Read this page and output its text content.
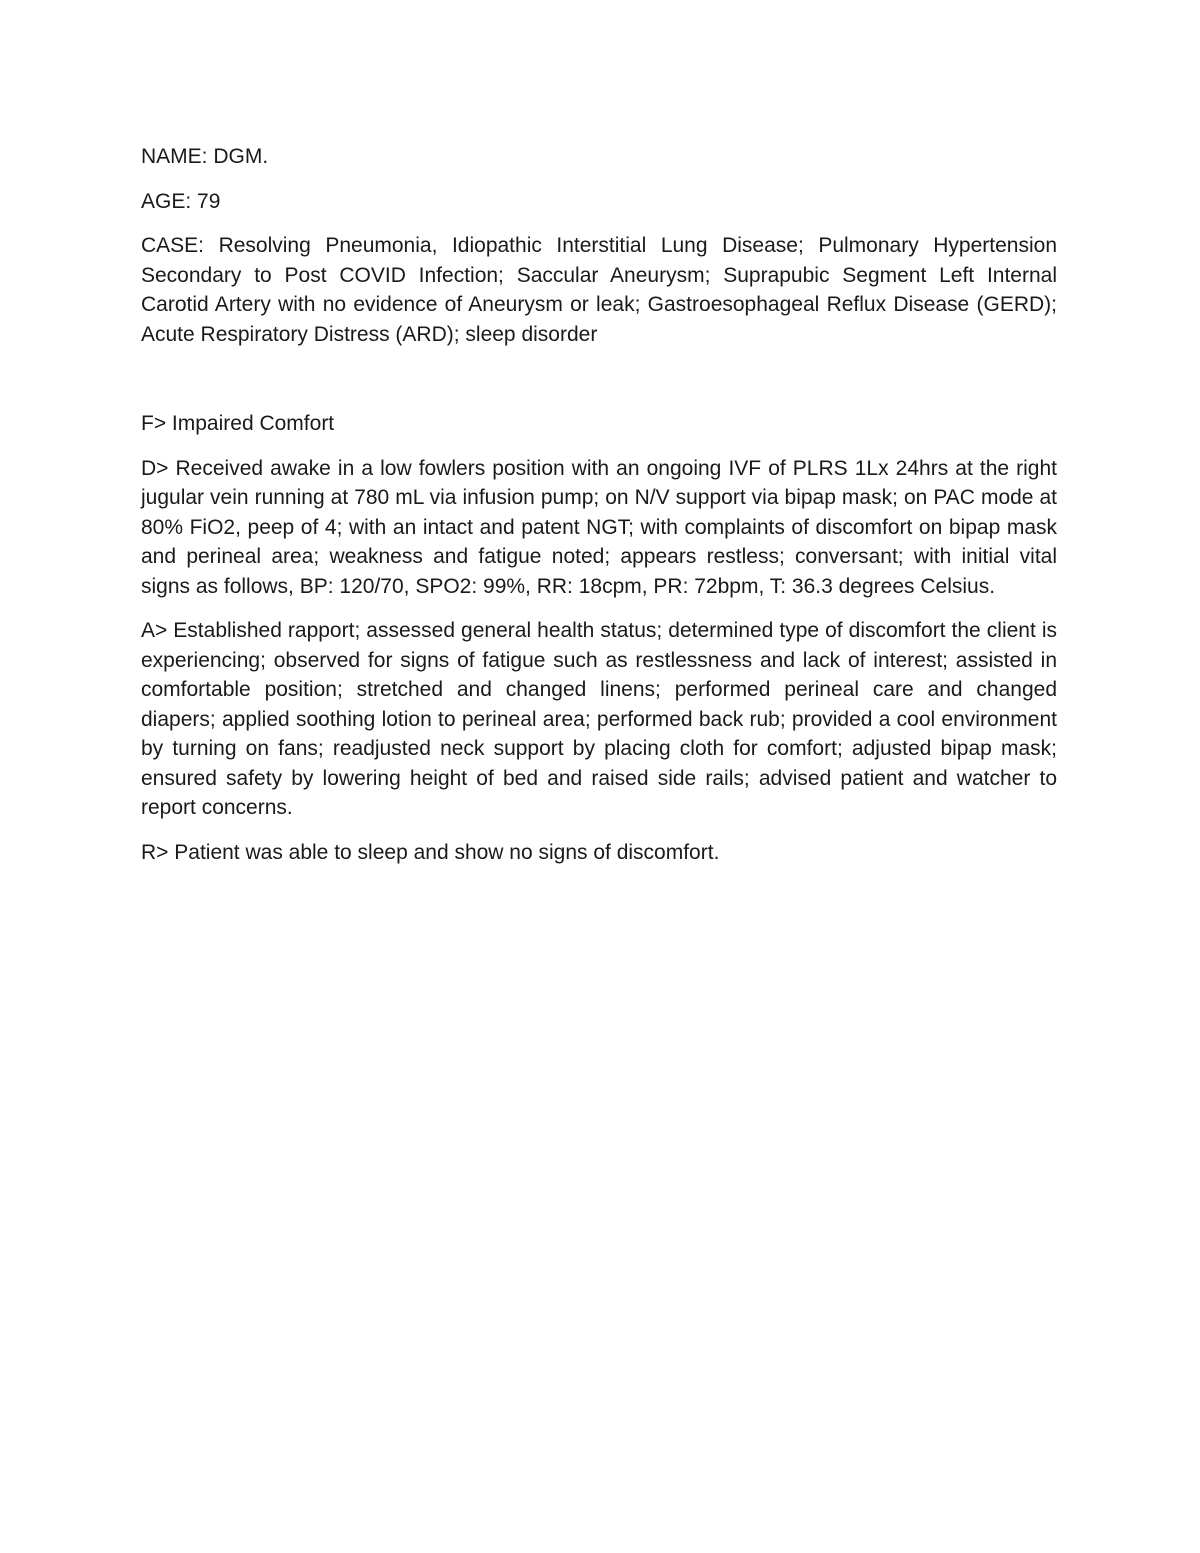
NAME: DGM.

AGE: 79

CASE: Resolving Pneumonia, Idiopathic Interstitial Lung Disease; Pulmonary Hypertension Secondary to Post COVID Infection; Saccular Aneurysm; Suprapubic Segment Left Internal Carotid Artery with no evidence of Aneurysm or leak; Gastroesophageal Reflux Disease (GERD); Acute Respiratory Distress (ARD); sleep disorder

F> Impaired Comfort

D> Received awake in a low fowlers position with an ongoing IVF of PLRS 1Lx 24hrs at the right jugular vein running at 780 mL via infusion pump; on N/V support via bipap mask; on PAC mode at 80% FiO2, peep of 4; with an intact and patent NGT; with complaints of discomfort on bipap mask and perineal area; weakness and fatigue noted; appears restless; conversant; with initial vital signs as follows, BP: 120/70, SPO2: 99%, RR: 18cpm, PR: 72bpm, T: 36.3 degrees Celsius.

A> Established rapport; assessed general health status; determined type of discomfort the client is experiencing; observed for signs of fatigue such as restlessness and lack of interest; assisted in comfortable position; stretched and changed linens; performed perineal care and changed diapers; applied soothing lotion to perineal area; performed back rub; provided a cool environment by turning on fans; readjusted neck support by placing cloth for comfort; adjusted bipap mask; ensured safety by lowering height of bed and raised side rails; advised patient and watcher to report concerns.

R> Patient was able to sleep and show no signs of discomfort.
